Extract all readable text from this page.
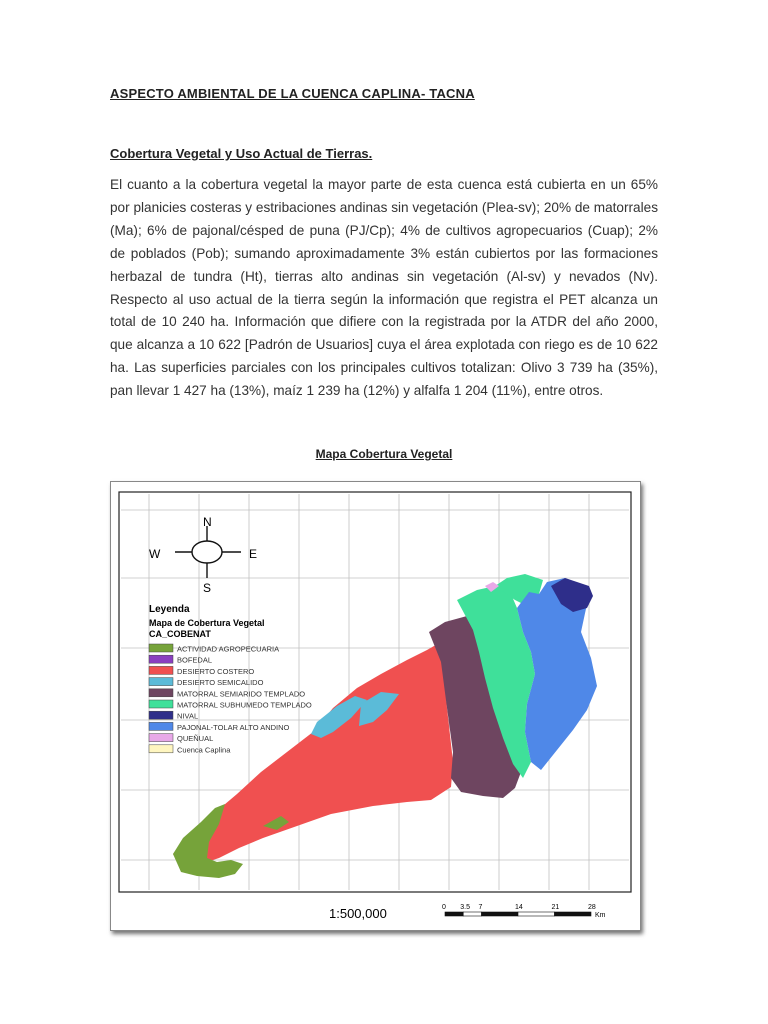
ASPECTO AMBIENTAL DE LA CUENCA CAPLINA- TACNA
Cobertura Vegetal y Uso Actual de Tierras.

El cuanto a la cobertura vegetal la mayor parte de esta cuenca está cubierta en un 65% por planicies costeras y estribaciones andinas sin vegetación (Plea-sv); 20% de matorrales (Ma); 6% de pajonal/césped de puna (PJ/Cp); 4% de cultivos agropecuarios (Cuap); 2% de poblados (Pob); sumando aproximadamente 3% están cubiertos por las formaciones herbazal de tundra (Ht), tierras alto andinas sin vegetación (Al-sv) y nevados (Nv). Respecto al uso actual de la tierra según la información que registra el PET alcanza un total de 10 240 ha. Información que difiere con la registrada por la ATDR del año 2000, que alcanza a 10 622 [Padrón de Usuarios] cuya el área explotada con riego es de 10 622 ha. Las superficies parciales con los principales cultivos totalizan: Olivo 3 739 ha (35%), pan llevar 1 427 ha (13%), maíz 1 239 ha (12%) y alfalfa 1 204 (11%), entre otros.

Mapa Cobertura Vegetal
N
S
W	E
Leyenda
Mapa de Cobertura Vegetal
CA_COBENAT
ACTIVIDAD AGROPECUARIA
BOFEDAL
DESIERTO COSTERO
DESIERTO SEMICALIDO
MATORRAL SEMIARIDO TEMPLADO
MATORRAL SUBHUMEDO TEMPLADO
NIVAL
PAJONAL-TOLAR ALTO ANDINO
QUEÑUAL
Cuenca Caplina
1:500,000	0 3.5 7	14	21	28
Km
